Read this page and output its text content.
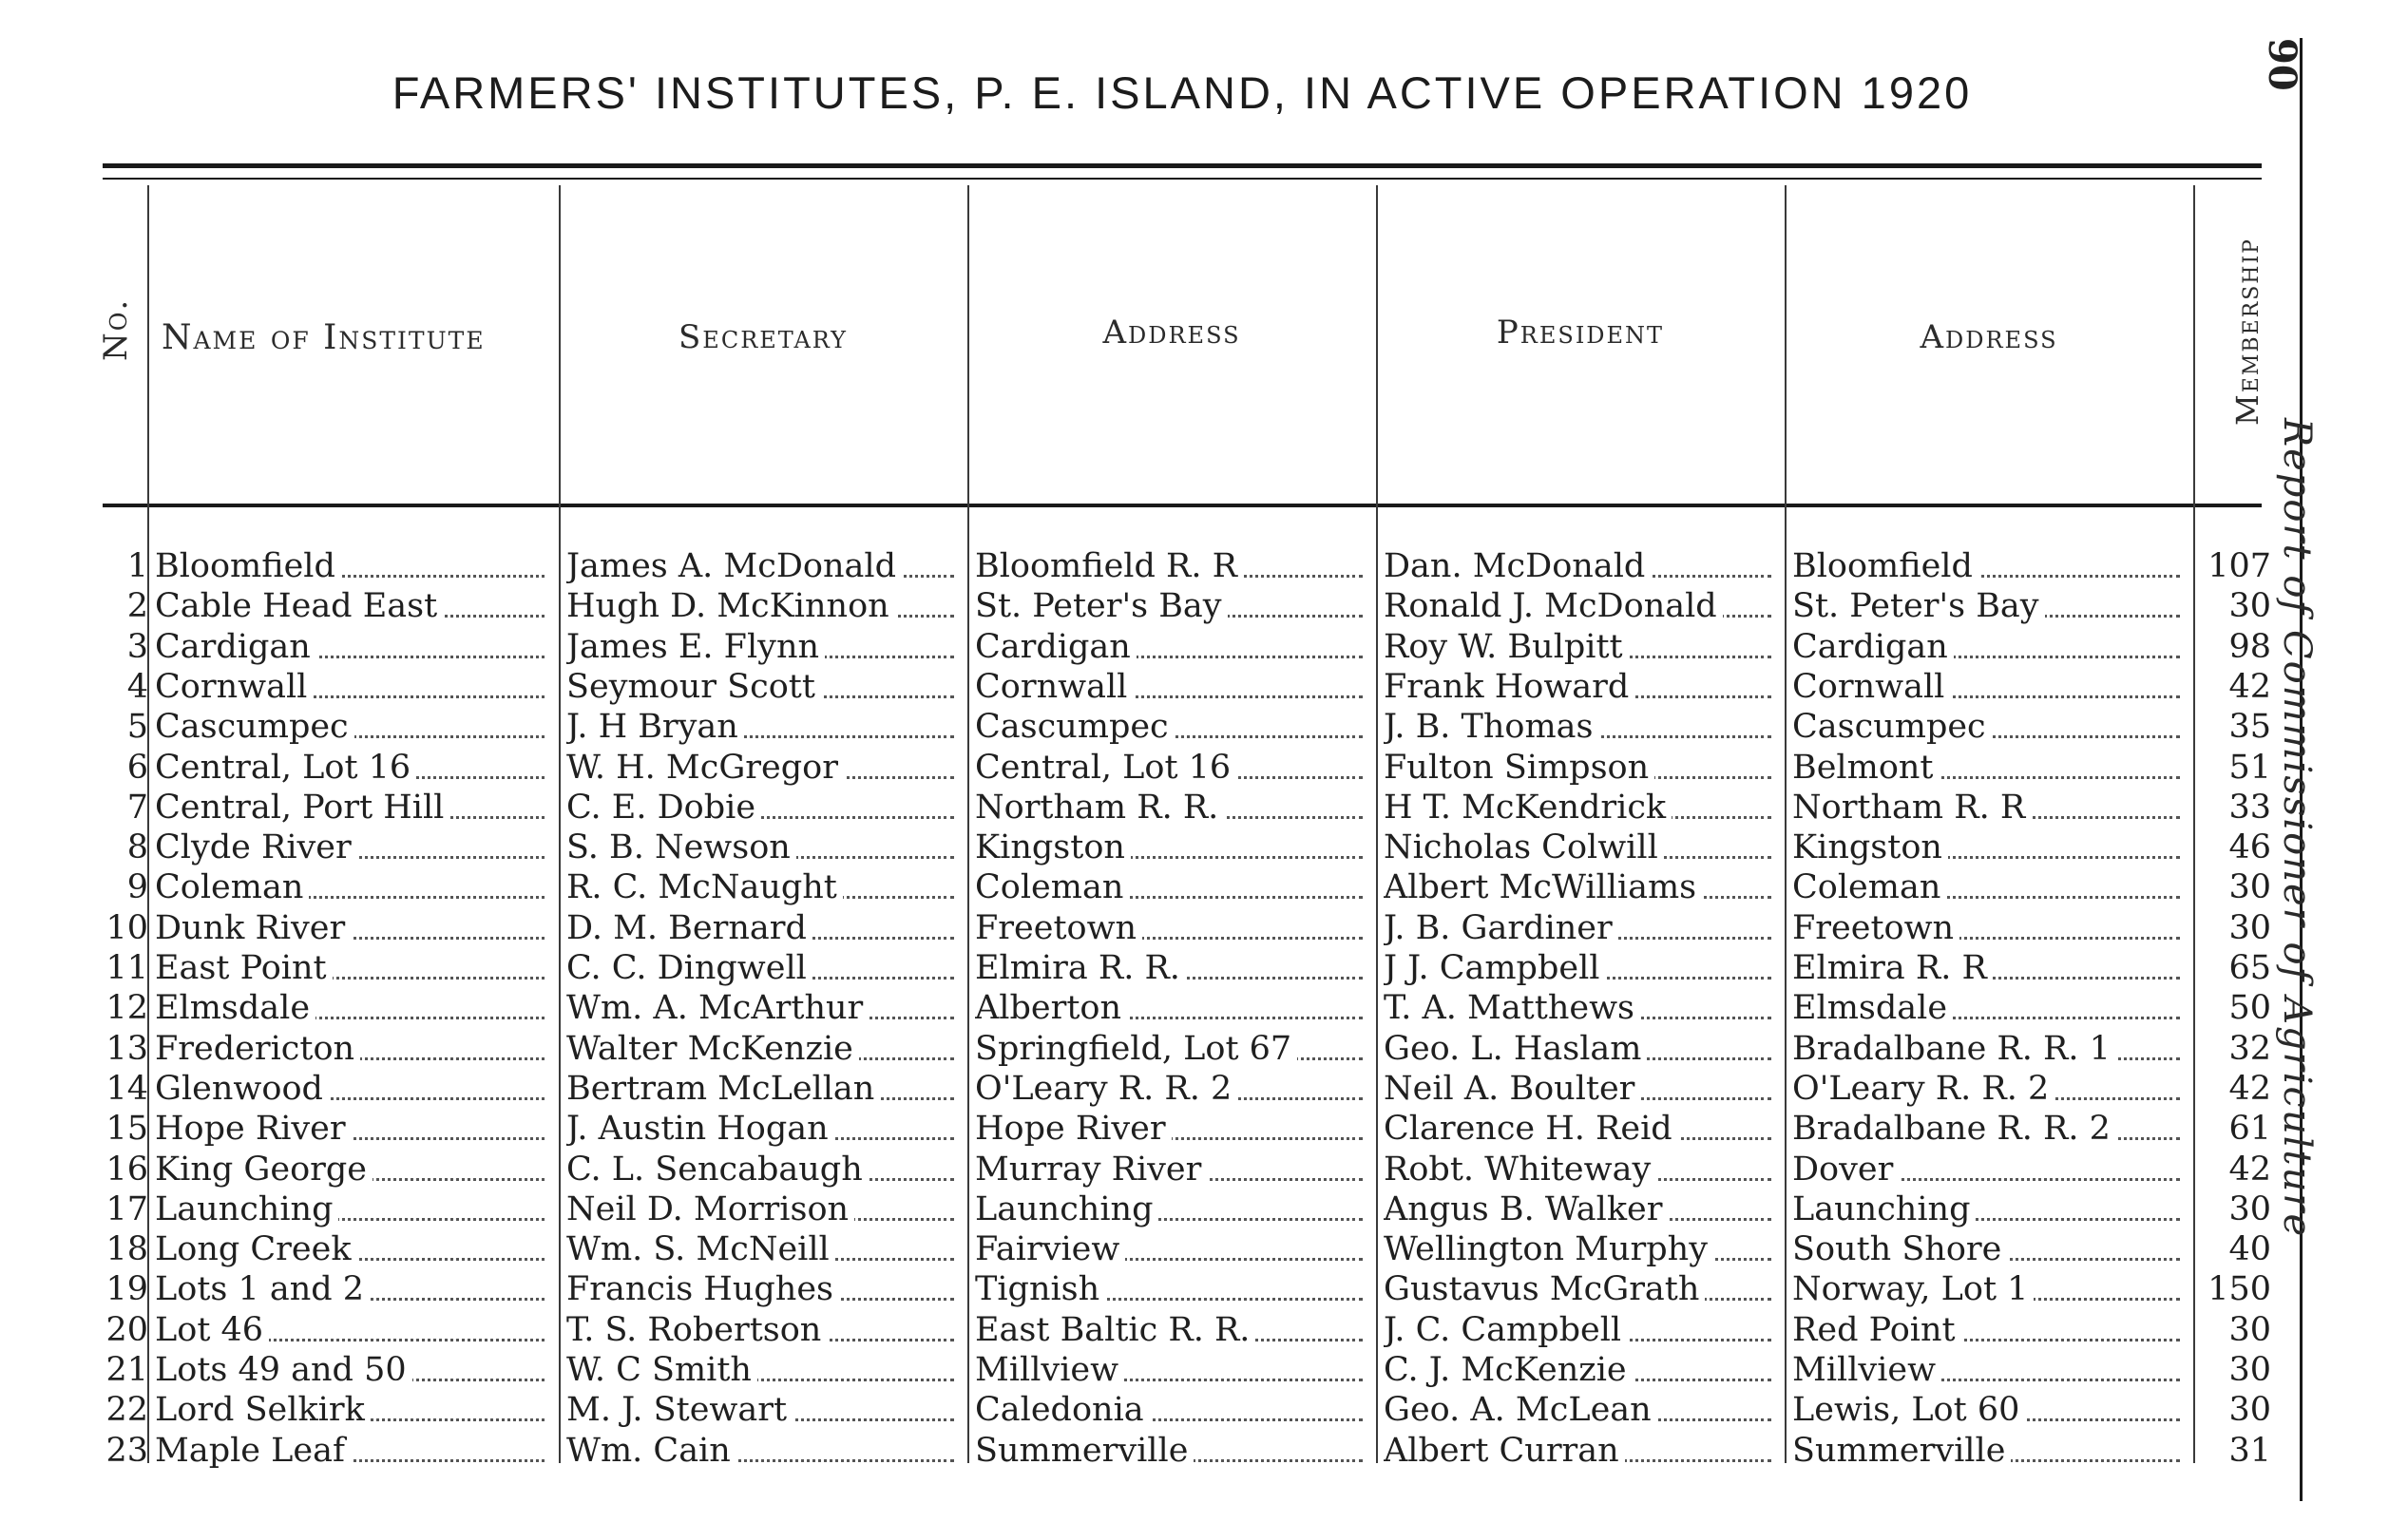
FARMERS' INSTITUTES, P. E. ISLAND, IN ACTIVE OPERATION 1920
No. Name of Institute	Secretary	Address	President	Address	Membership
1 Bloomfield	James A. McDonald	Bloomfield R. R	Dan. McDonald	Bloomfield	107
2 Cable Head East	Hugh D. McKinnon	St. Peter's Bay	Ronald J. McDonald	St. Peter's Bay	30
3 Cardigan	James E. Flynn	Cardigan	Roy W. Bulpitt	Cardigan	98
4 Cornwall	Seymour Scott	Cornwall	Frank Howard	Cornwall	42
5 Cascumpec	J. H Bryan	Cascumpec	J. B. Thomas	Cascumpec	35
6 Central, Lot 16	W. H. McGregor	Central, Lot 16	Fulton Simpson	Belmont	51
7 Central, Port Hill	C. E. Dobie	Northam R. R.	H T. McKendrick	Northam R. R	33
8 Clyde River	S. B. Newson	Kingston	Nicholas Colwill	Kingston	46
9 Coleman	R. C. McNaught	Coleman	Albert McWilliams	Coleman	30
10 Dunk River	D. M. Bernard	Freetown	J. B. Gardiner	Freetown	30
11 East Point	C. C. Dingwell	Elmira R. R.	J J. Campbell	Elmira R. R	65
12 Elmsdale	Wm. A. McArthur	Alberton	T. A. Matthews	Elmsdale	50
13 Fredericton	Walter McKenzie	Springfield, Lot 67	Geo. L. Haslam	Bradalbane R. R. 1	32
14 Glenwood	Bertram McLellan	O'Leary R. R. 2	Neil A. Boulter	O'Leary R. R. 2	42
15 Hope River	J. Austin Hogan	Hope River	Clarence H. Reid	Bradalbane R. R. 2	61
16 King George	C. L. Sencabaugh	Murray River	Robt. Whiteway	Dover	42
17 Launching	Neil D. Morrison	Launching	Angus B. Walker	Launching	30
18 Long Creek	Wm. S. McNeill	Fairview	Wellington Murphy	South Shore	40
19 Lots 1 and 2	Francis Hughes	Tignish	Gustavus McGrath	Norway, Lot 1	150
20 Lot 46	T. S. Robertson	East Baltic R. R.	J. C. Campbell	Red Point	30
21 Lots 49 and 50	W. C Smith	Millview	C. J. McKenzie	Millview	30
22 Lord Selkirk	M. J. Stewart	Caledonia	Geo. A. McLean	Lewis, Lot 60	30
23 Maple Leaf	Wm. Cain	Summerville	Albert Curran	Summerville	31
90
Report of Commissioner of Agriculture
